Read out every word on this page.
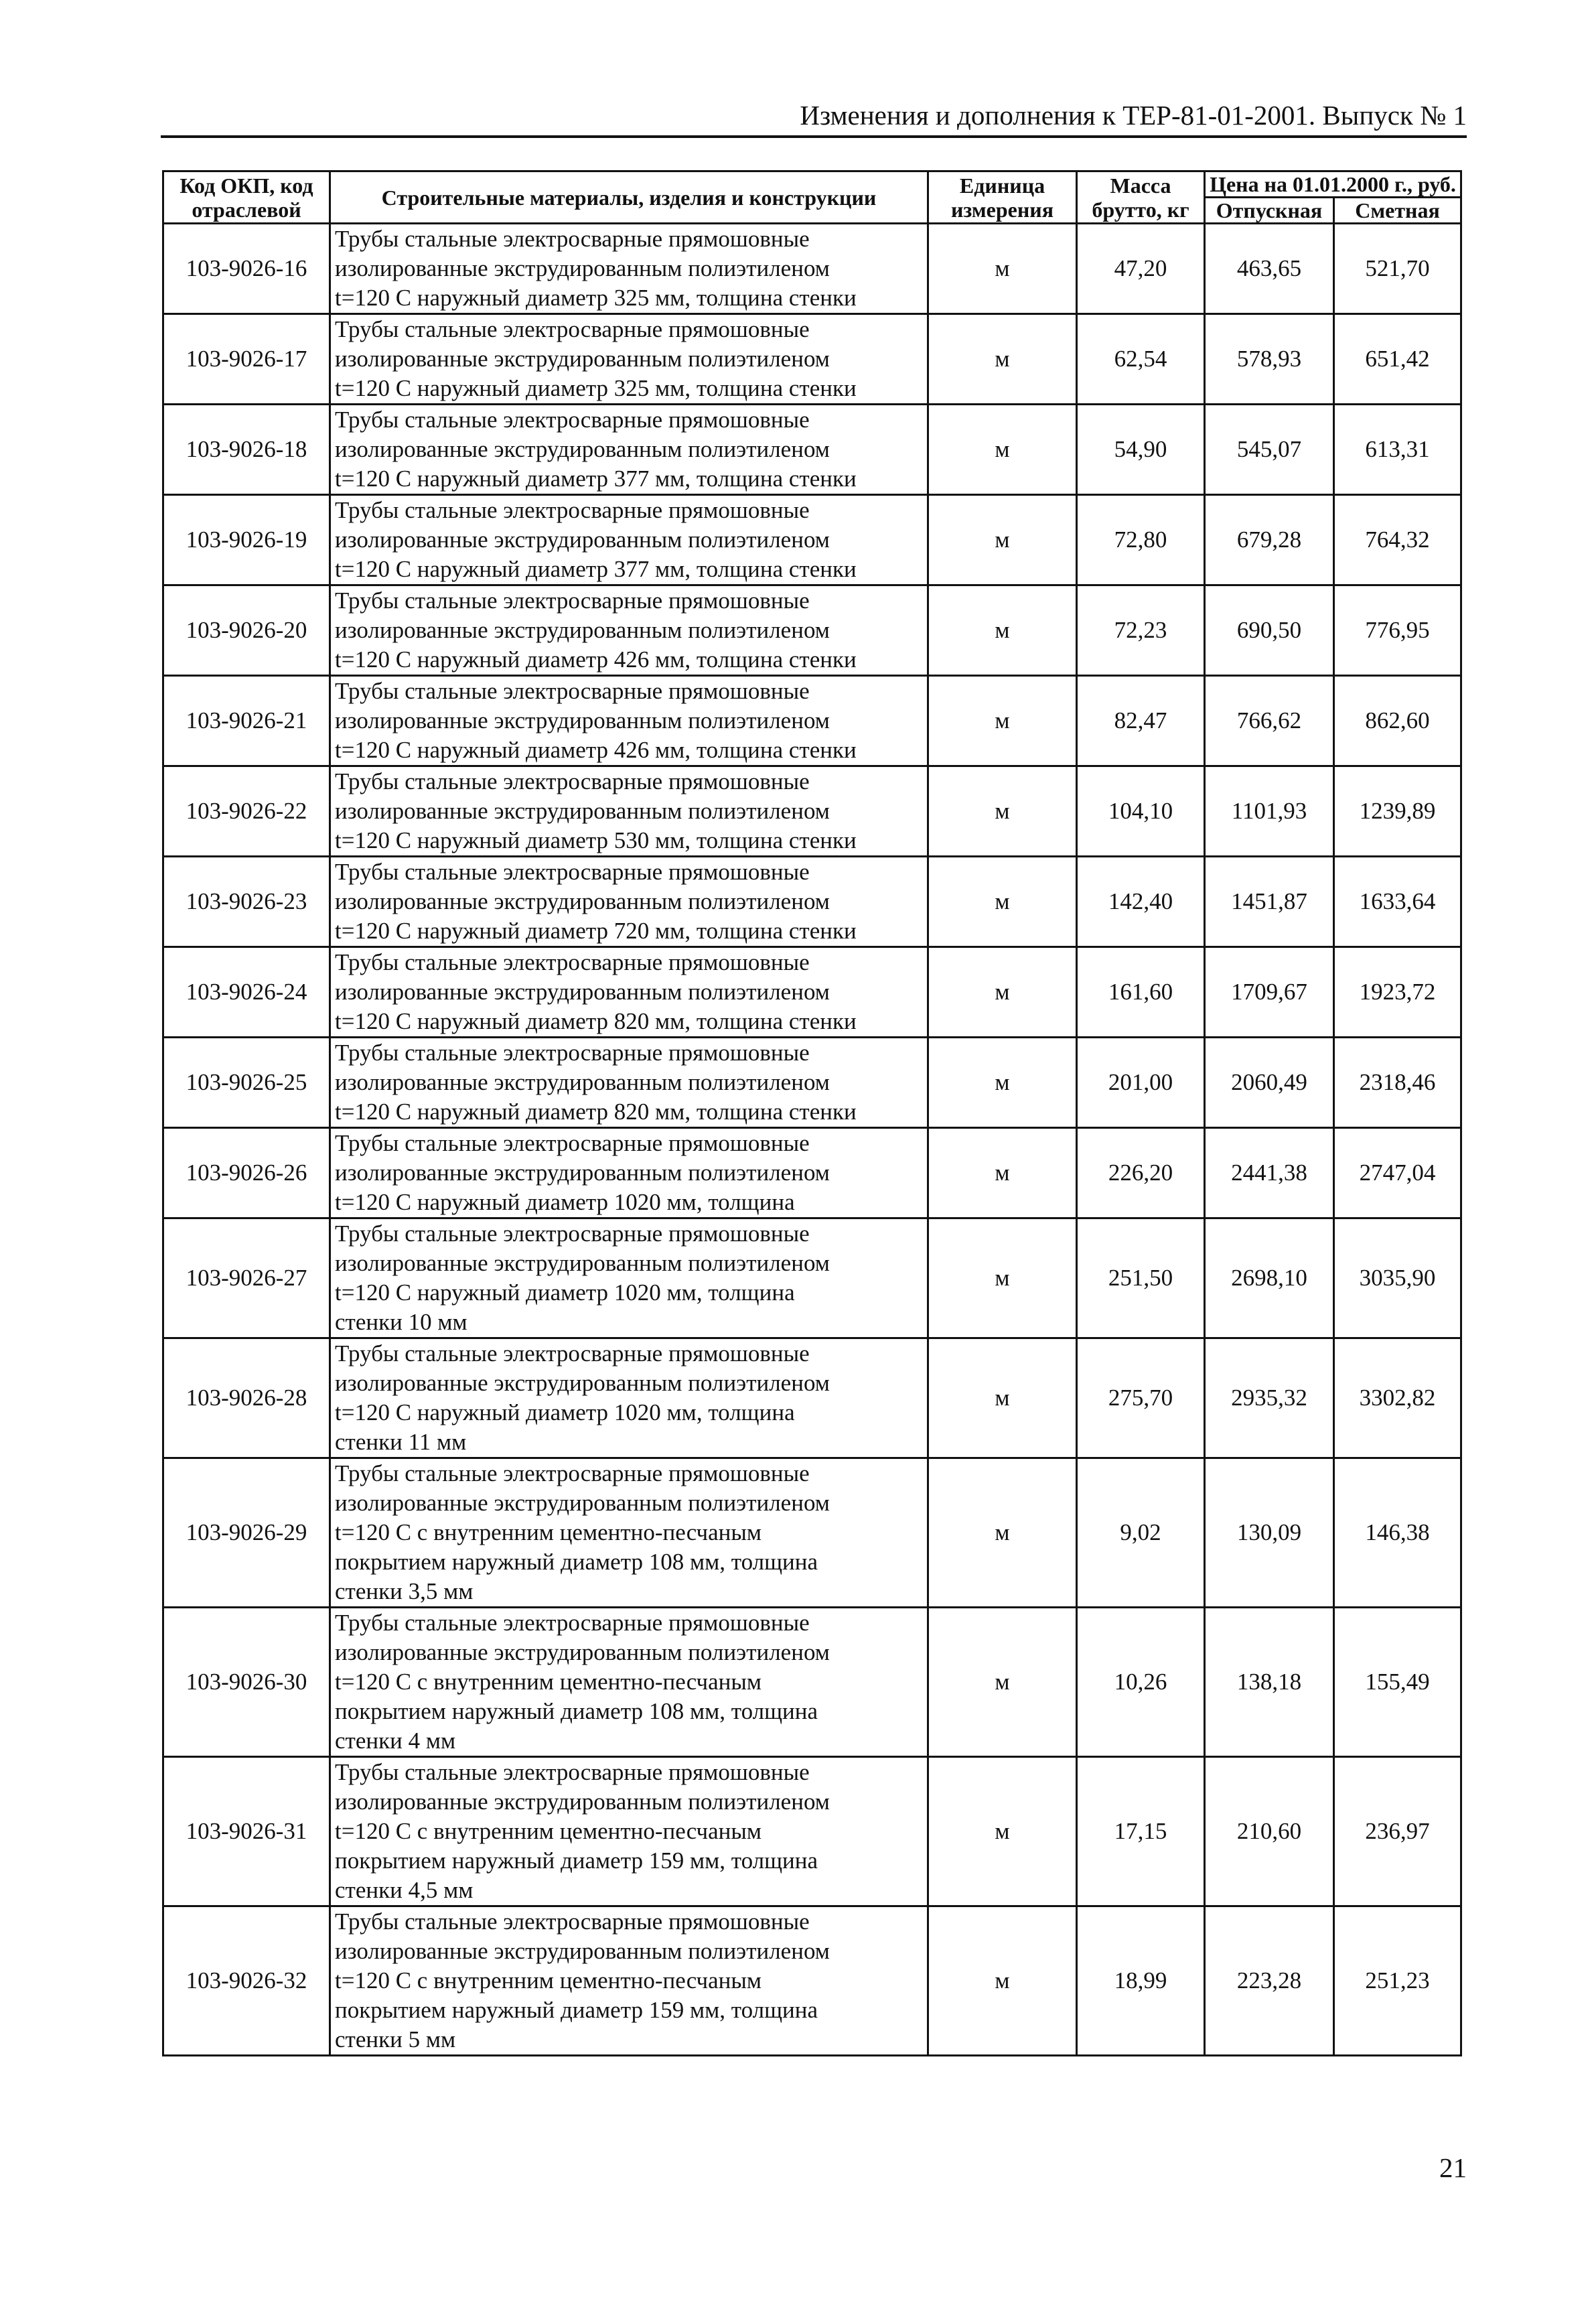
Изменения и дополнения к ТЕР-81-01-2001. Выпуск № 1
Код ОКП, код отраслевой	Строительные материалы, изделия и конструкции	Единица измерения	Масса брутто, кг	Цена на 01.01.2000 г., руб.	
				Отпускная	Сметная
103-9026-16	Трубы стальные электросварные прямошовные
изолированные экструдированным полиэтиленом
t=120 С наружный диаметр 325 мм, толщина стенки	м	47,20	463,65	521,70
103-9026-17	Трубы стальные электросварные прямошовные
изолированные экструдированным полиэтиленом
t=120 С наружный диаметр 325 мм, толщина стенки	м	62,54	578,93	651,42
103-9026-18	Трубы стальные электросварные прямошовные
изолированные экструдированным полиэтиленом
t=120 С наружный диаметр 377 мм, толщина стенки	м	54,90	545,07	613,31
103-9026-19	Трубы стальные электросварные прямошовные
изолированные экструдированным полиэтиленом
t=120 С наружный диаметр 377 мм, толщина стенки	м	72,80	679,28	764,32
103-9026-20	Трубы стальные электросварные прямошовные
изолированные экструдированным полиэтиленом
t=120 С наружный диаметр 426 мм, толщина стенки	м	72,23	690,50	776,95
103-9026-21	Трубы стальные электросварные прямошовные
изолированные экструдированным полиэтиленом
t=120 С наружный диаметр 426 мм, толщина стенки	м	82,47	766,62	862,60
103-9026-22	Трубы стальные электросварные прямошовные
изолированные экструдированным полиэтиленом
t=120 С наружный диаметр 530 мм, толщина стенки	м	104,10	1101,93	1239,89
103-9026-23	Трубы стальные электросварные прямошовные
изолированные экструдированным полиэтиленом
t=120 С наружный диаметр 720 мм, толщина стенки	м	142,40	1451,87	1633,64
103-9026-24	Трубы стальные электросварные прямошовные
изолированные экструдированным полиэтиленом
t=120 С наружный диаметр 820 мм, толщина стенки	м	161,60	1709,67	1923,72
103-9026-25	Трубы стальные электросварные прямошовные
изолированные экструдированным полиэтиленом
t=120 С наружный диаметр 820 мм, толщина стенки	м	201,00	2060,49	2318,46
103-9026-26	Трубы стальные электросварные прямошовные
изолированные экструдированным полиэтиленом
t=120 С наружный диаметр 1020 мм, толщина	м	226,20	2441,38	2747,04
103-9026-27	Трубы стальные электросварные прямошовные
изолированные экструдированным полиэтиленом
t=120 С наружный диаметр 1020 мм, толщина
стенки 10 мм	м	251,50	2698,10	3035,90
103-9026-28	Трубы стальные электросварные прямошовные
изолированные экструдированным полиэтиленом
t=120 С наружный диаметр 1020 мм, толщина
стенки 11 мм	м	275,70	2935,32	3302,82
103-9026-29	Трубы стальные электросварные прямошовные
изолированные экструдированным полиэтиленом
t=120 С с внутренним цементно-песчаным
покрытием наружный диаметр 108 мм, толщина
стенки 3,5 мм	м	9,02	130,09	146,38
103-9026-30	Трубы стальные электросварные прямошовные
изолированные экструдированным полиэтиленом
t=120 С с внутренним цементно-песчаным
покрытием наружный диаметр 108 мм, толщина
стенки 4 мм	м	10,26	138,18	155,49
103-9026-31	Трубы стальные электросварные прямошовные
изолированные экструдированным полиэтиленом
t=120 С с внутренним цементно-песчаным
покрытием наружный диаметр 159 мм, толщина
стенки 4,5 мм	м	17,15	210,60	236,97
103-9026-32	Трубы стальные электросварные прямошовные
изолированные экструдированным полиэтиленом
t=120 С с внутренним цементно-песчаным
покрытием наружный диаметр 159 мм, толщина
стенки 5 мм	м	18,99	223,28	251,23
21
